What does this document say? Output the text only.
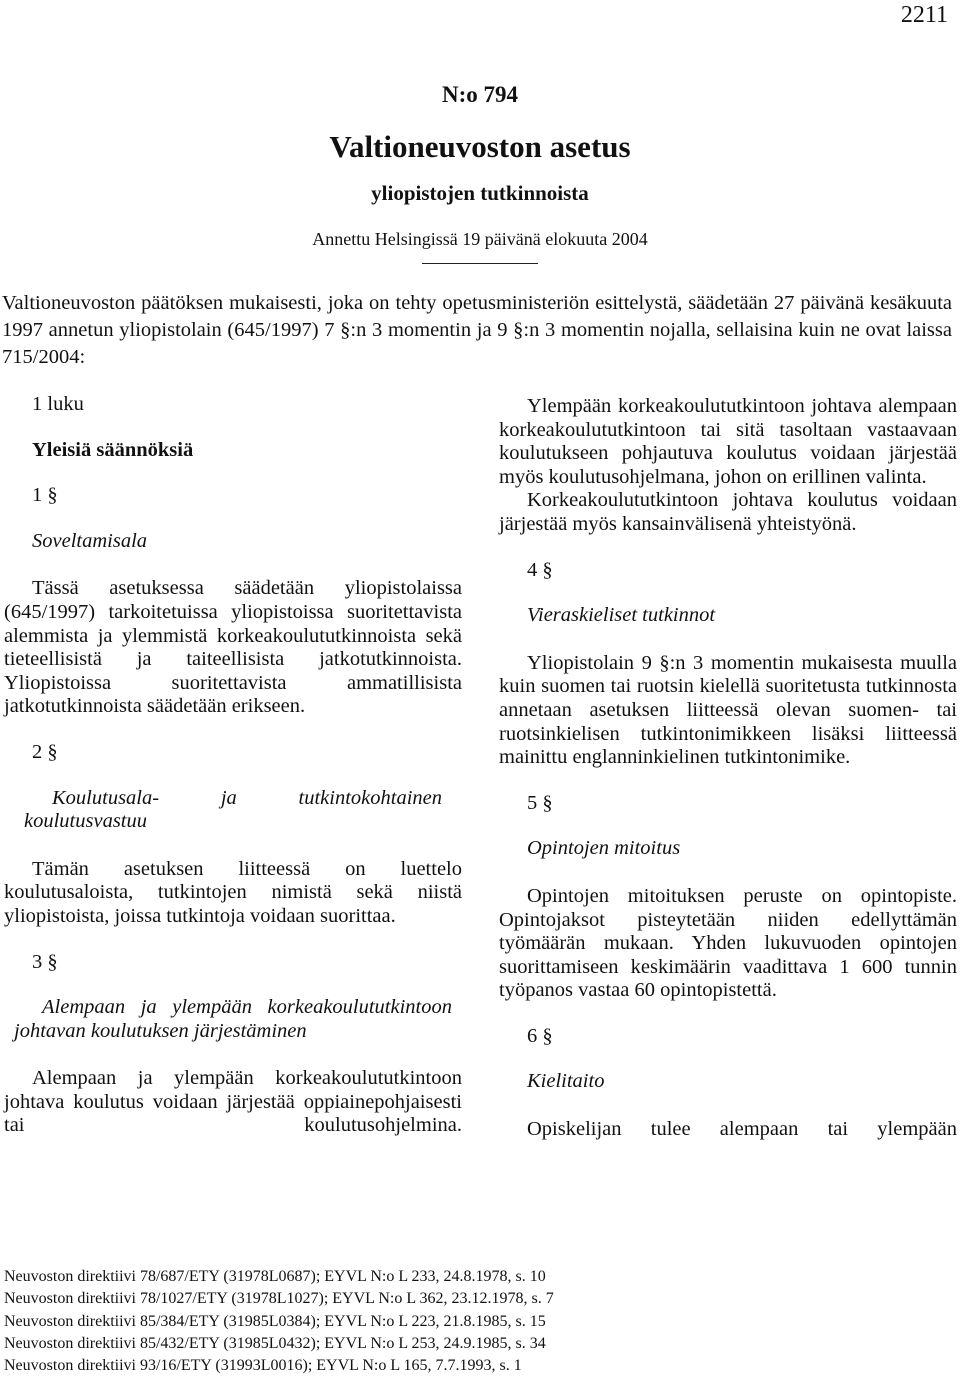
2211
N:o 794
Valtioneuvoston asetus
yliopistojen tutkinnoista
Annettu Helsingissä 19 päivänä elokuuta 2004
Valtioneuvoston päätöksen mukaisesti, joka on tehty opetusministeriön esittelystä, säädetään 27 päivänä kesäkuuta 1997 annetun yliopistolain (645/1997) 7 §:n 3 momentin ja 9 §:n 3 momentin nojalla, sellaisina kuin ne ovat laissa 715/2004:

1 luku

Yleisiä säännöksiä

1 §

Soveltamisala

Tässä asetuksessa säädetään yliopistolaissa (645/1997) tarkoitetuissa yliopistoissa suoritettavista alemmista ja ylemmistä korkeakoulututkinnoista sekä tieteellisistä ja taiteellisista jatkotutkinnoista. Yliopistoissa suoritettavista ammatillisista jatkotutkinnoista säädetään erikseen.

2 §

Koulutusala- ja tutkintokohtainen koulutusvastuu

Tämän asetuksen liitteessä on luettelo koulutusaloista, tutkintojen nimistä sekä niistä yliopistoista, joissa tutkintoja voidaan suorittaa.

3 §

Alempaan ja ylempään korkeakoulututkintoon johtavan koulutuksen järjestäminen

Alempaan ja ylempään korkeakoulututkintoon johtava koulutus voidaan järjestää oppiainepohjaisesti tai koulutusohjelmina.

Ylempään korkeakoulututkintoon johtava alempaan korkeakoulututkintoon tai sitä tasoltaan vastaavaan koulutukseen pohjautuva koulutus voidaan järjestää myös koulutusohjelmana, johon on erillinen valinta.

Korkeakoulututkintoon johtava koulutus voidaan järjestää myös kansainvälisenä yhteistyönä.

4 §

Vieraskieliset tutkinnot

Yliopistolain 9 §:n 3 momentin mukaisesta muulla kuin suomen tai ruotsin kielellä suoritetusta tutkinnosta annetaan asetuksen liitteessä olevan suomen- tai ruotsinkielisen tutkintonimikkeen lisäksi liitteessä mainittu englanninkielinen tutkintonimike.

5 §

Opintojen mitoitus

Opintojen mitoituksen peruste on opintopiste. Opintojaksot pisteytetään niiden edellyttämän työmäärän mukaan. Yhden lukuvuoden opintojen suorittamiseen keskimäärin vaadittava 1 600 tunnin työpanos vastaa 60 opintopistettä.

6 §

Kielitaito

Opiskelijan tulee alempaan tai ylempään

Neuvoston direktiivi 78/687/ETY (31978L0687); EYVL N:o L 233, 24.8.1978, s. 10
Neuvoston direktiivi 78/1027/ETY (31978L1027); EYVL N:o L 362, 23.12.1978, s. 7
Neuvoston direktiivi 85/384/ETY (31985L0384); EYVL N:o L 223, 21.8.1985, s. 15
Neuvoston direktiivi 85/432/ETY (31985L0432); EYVL N:o L 253, 24.9.1985, s. 34
Neuvoston direktiivi 93/16/ETY (31993L0016); EYVL N:o L 165, 7.7.1993, s. 1
